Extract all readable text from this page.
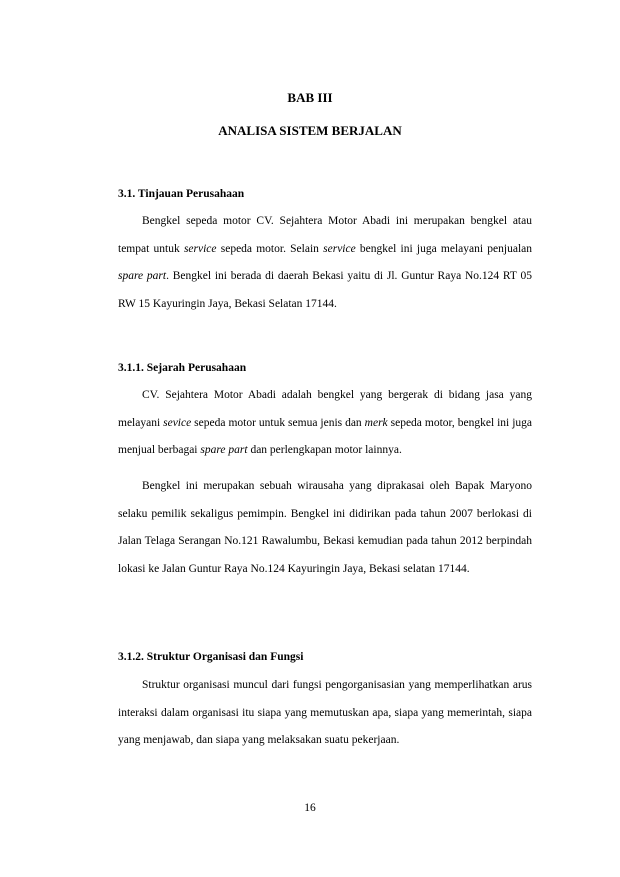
BAB III
ANALISA SISTEM BERJALAN
3.1. Tinjauan Perusahaan

Bengkel sepeda motor CV. Sejahtera Motor Abadi ini merupakan bengkel atau tempat untuk service sepeda motor. Selain service bengkel ini juga melayani penjualan spare part. Bengkel ini berada di daerah Bekasi yaitu di Jl. Guntur Raya No.124 RT 05 RW 15 Kayuringin Jaya, Bekasi Selatan 17144.

3.1.1. Sejarah Perusahaan

CV. Sejahtera Motor Abadi adalah bengkel yang bergerak di bidang jasa yang melayani sevice sepeda motor untuk semua jenis dan merk sepeda motor, bengkel ini juga menjual berbagai spare part dan perlengkapan motor lainnya.

Bengkel ini merupakan sebuah wirausaha yang diprakasai oleh Bapak Maryono selaku pemilik sekaligus pemimpin. Bengkel ini didirikan pada tahun 2007 berlokasi di Jalan Telaga Serangan No.121 Rawalumbu, Bekasi kemudian pada tahun 2012 berpindah lokasi ke Jalan Guntur Raya No.124 Kayuringin Jaya, Bekasi selatan 17144.

3.1.2. Struktur Organisasi dan Fungsi

Struktur organisasi muncul dari fungsi pengorganisasian yang memperlihatkan arus interaksi dalam organisasi itu siapa yang memutuskan apa, siapa yang memerintah, siapa yang menjawab, dan siapa yang melaksakan suatu pekerjaan.

16
